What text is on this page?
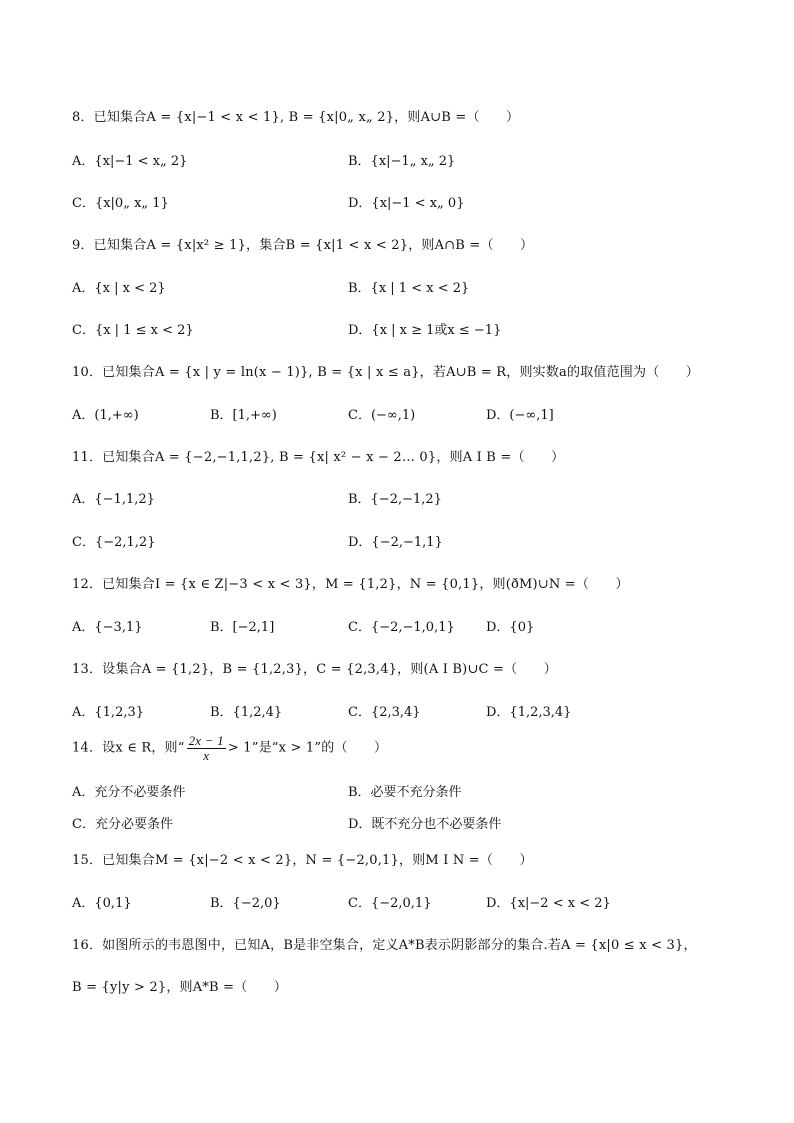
8．已知集合A = {x|−1 < x < 1}, B = {x|0„ x„ 2}，则A∪B =（　　）
A．{x|−1 < x„ 2}	B．{x|−1„ x„ 2}
C．{x|0„ x„ 1}	D．{x|−1 < x„ 0}
9．已知集合A = {x|x² ≥ 1}，集合B = {x|1 < x < 2}，则A∩B =（　　）
A．{x | x < 2}	B．{x | 1 < x < 2}
C．{x | 1 ≤ x < 2}	D．{x | x ≥ 1或x ≤ −1}
10．已知集合A = {x | y = ln(x − 1)}, B = {x | x ≤ a}，若A∪B = R，则实数a的取值范围为（　　）
A．(1,+∞)	B．[1,+∞)	C．(−∞,1)	D．(−∞,1]
11．已知集合A = {−2,−1,1,2}, B = {x| x² − x − 2… 0}，则A I B =（　　）
A．{−1,1,2}	B．{−2,−1,2}
C．{−2,1,2}	D．{−2,−1,1}
12．已知集合I = {x ∈ Z|−3 < x < 3}，M = {1,2}，N = {0,1}，则(ðM)∪N =（　　）
A．{−3,1}	B．[−2,1]	C．{−2,−1,0,1} D．{0}
13．设集合A = {1,2}，B = {1,2,3}，C = {2,3,4}，则(A I B)∪C =（　　）
A．{1,2,3}	B．{1,2,4}	C．{2,3,4}	D．{1,2,3,4}
14．设x ∈ R，则“ $\frac{2x - 1}{x} > 1$”是“x > 1”的（　　）
A．充分不必要条件	B．必要不充分条件
C．充分必要条件	D．既不充分也不必要条件
15．已知集合M = {x|−2 < x < 2}，N = {−2,0,1}，则M I N =（　　）
A．{0,1}	B．{−2,0}	C．{−2,0,1}	D．{x|−2 < x < 2}
16．如图所示的韦恩图中，已知A，B是非空集合，定义A*B表示阴影部分的集合.若A = {x|0 ≤ x < 3}，
B = {y|y > 2}，则A*B =（　　）
